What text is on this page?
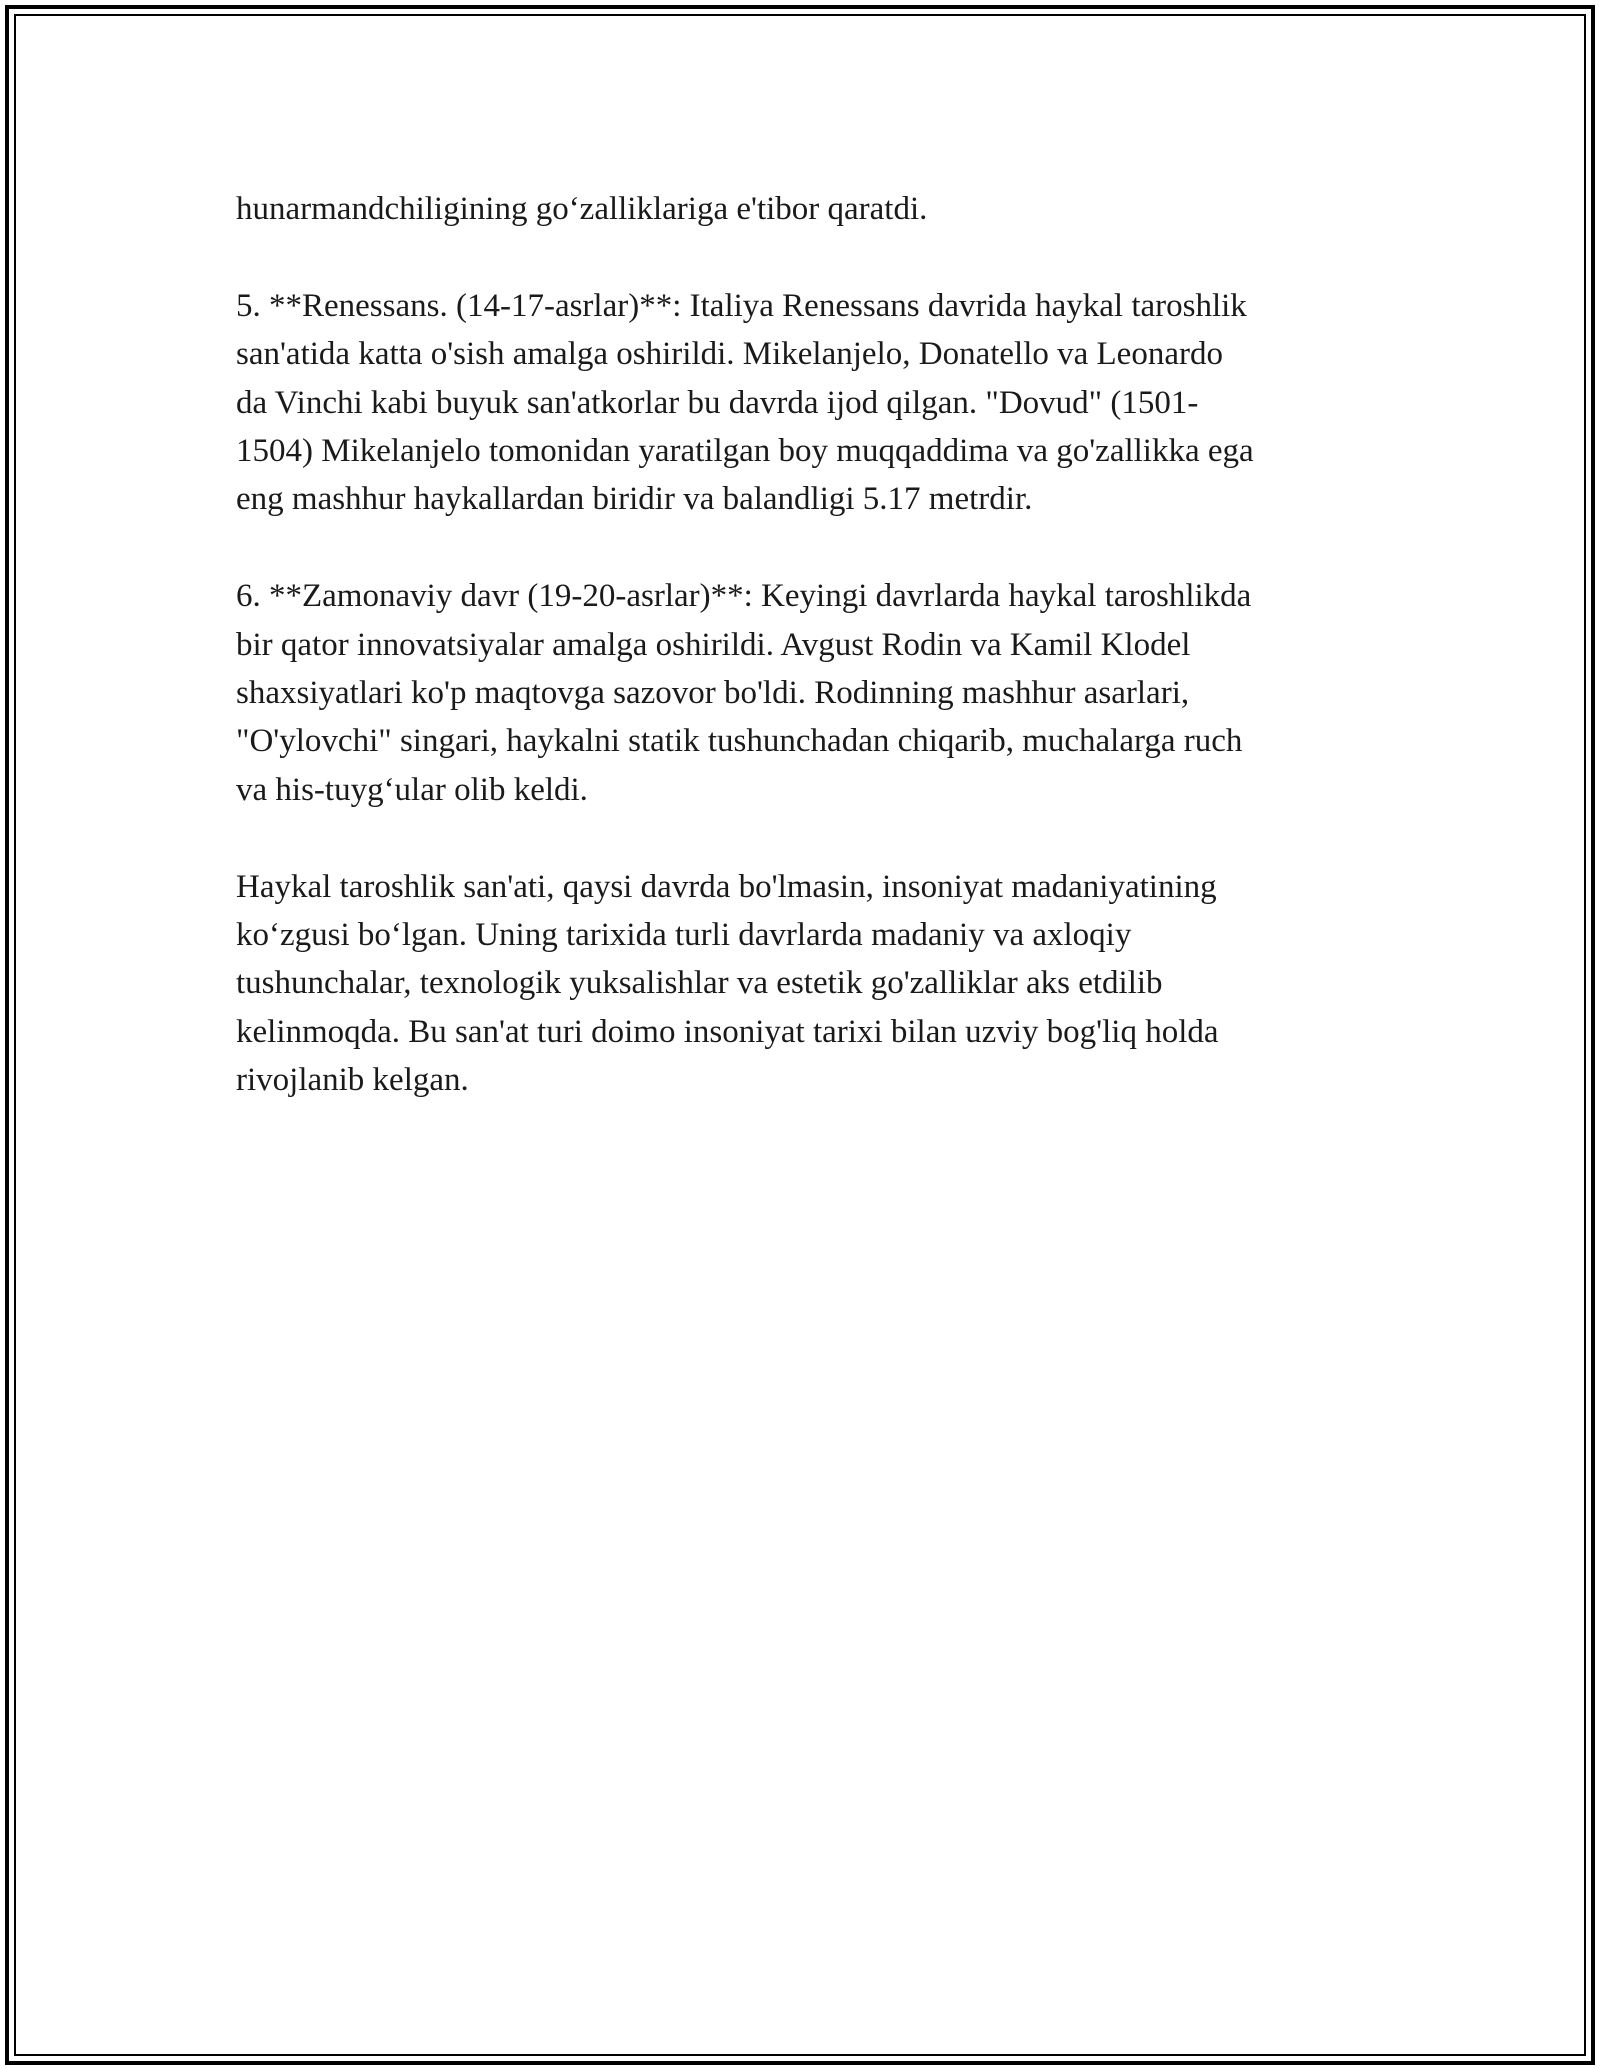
hunarmandchiligining go‘zalliklariga e'tibor qaratdi.

5. **Renessans. (14-17-asrlar)**: Italiya Renessans davrida haykal taroshlik
san'atida katta o'sish amalga oshirildi. Mikelanjelo, Donatello va Leonardo
da Vinchi kabi buyuk san'atkorlar bu davrda ijod qilgan. "Dovud" (1501-
1504) Mikelanjelo tomonidan yaratilgan boy muqqaddima va go'zallikka ega
eng mashhur haykallardan biridir va balandligi 5.17 metrdir.

6. **Zamonaviy davr (19-20-asrlar)**: Keyingi davrlarda haykal taroshlikda
bir qator innovatsiyalar amalga oshirildi. Avgust Rodin va Kamil Klodel
shaxsiyatlari ko'p maqtovga sazovor bo'ldi. Rodinning mashhur asarlari,
"O'ylovchi" singari, haykalni statik tushunchadan chiqarib, muchalarga ruch
va his-tuyg‘ular olib keldi.

Haykal taroshlik san'ati, qaysi davrda bo'lmasin, insoniyat madaniyatining
ko‘zgusi bo‘lgan. Uning tarixida turli davrlarda madaniy va axloqiy
tushunchalar, texnologik yuksalishlar va estetik go'zalliklar aks etdilib
kelinmoqda. Bu san'at turi doimo insoniyat tarixi bilan uzviy bog'liq holda
rivojlanib kelgan.
